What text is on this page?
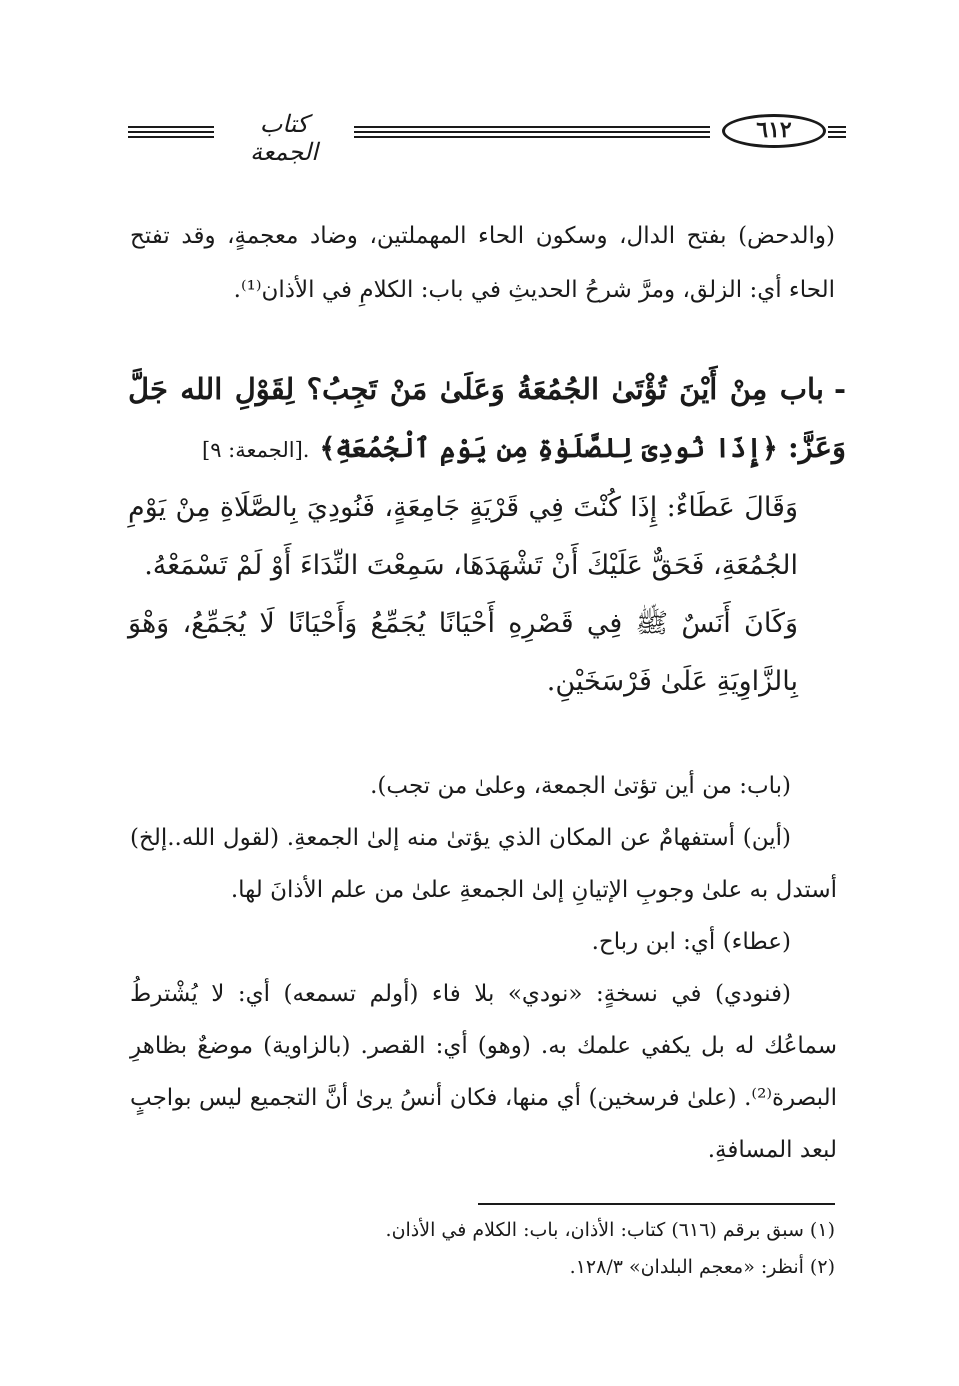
كتاب الجمعة
٦١٢

(والدحض) بفتح الدال، وسكون الحاء المهملتين، وضاد معجمةٍ، وقد تفتح الحاء أي: الزلق، ومرَّ شرحُ الحديثِ في باب: الكلامِ في الأذان⁽¹⁾.

-باب مِنْ أَيْنَ تُؤْتَىٰ الجُمُعَةُ وَعَلَىٰ مَنْ تَجِبُ؟ لِقَوْلِ الله جَلَّ وَعَزَّ: ﴿إِذَا نُودِىَ لِلصَّلَوٰةِ مِن يَوْمِ ٱلْجُمُعَةِ﴾ .[الجمعة: ٩]

وَقَالَ عَطَاءٌ: إِذَا كُنْتَ فِي قَرْيَةٍ جَامِعَةٍ، فَنُودِيَ بِالصَّلَاةِ مِنْ يَوْمِ الجُمُعَةِ، فَحَقٌّ عَلَيْكَ أَنْ تَشْهَدَهَا، سَمِعْتَ النِّدَاءَ أَوْ لَمْ تَسْمَعْهُ.

وَكَانَ أَنَسٌ ﷺ فِي قَصْرِهِ أَحْيَانًا يُجَمِّعُ وَأَحْيَانًا لَا يُجَمِّعُ، وَهْوَ بِالزَّاوِيَةِ عَلَىٰ فَرْسَخَيْنِ.

(باب: من أين تؤتىٰ الجمعة، وعلىٰ من تجب).

(أين) أستفهامٌ عن المكان الذي يؤتىٰ منه إلىٰ الجمعةِ. (لقول الله..إلخ) أستدل به علىٰ وجوبِ الإتيانِ إلىٰ الجمعةِ علىٰ من علم الأذانَ لها.

(عطاء) أي: ابن رباح.

(فنودي) في نسخةٍ: «نودي» بلا فاء (أولم تسمعه) أي: لا يُشْترطُ سماعُك له بل يكفي علمك به. (وهو) أي: القصر. (بالزاوية) موضعٌ بظاهرِ البصرة⁽²⁾. (علىٰ فرسخين) أي منها، فكان أنسُ يرىٰ أنَّ التجميع ليس بواجبٍ لبعد المسافةِ.

(١) سبق برقم (٦١٦) كتاب: الأذان، باب: الكلام في الأذان.

(٢) أنظر: «معجم البلدان» ١٢٨/٣.
